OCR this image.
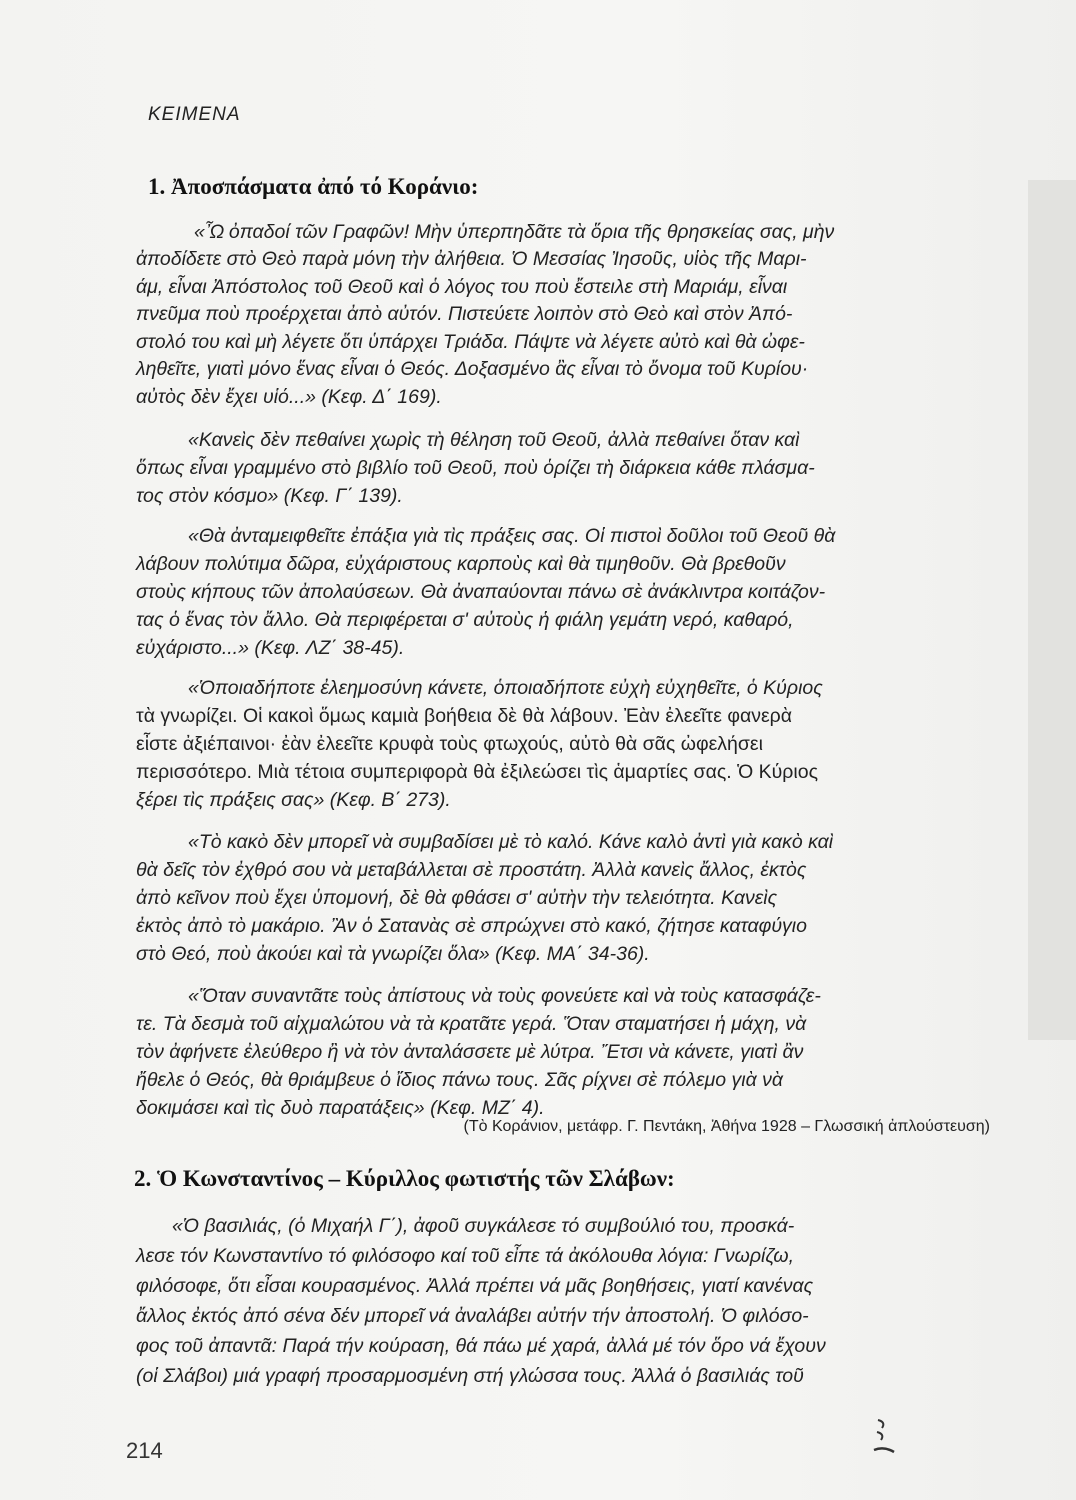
ΚΕΙΜΕΝΑ
1. Ἀποσπάσματα ἀπό τό Κοράνιο:
«Ὦ ὀπαδοί τῶν Γραφῶν! Μὴν ὑπερπηδᾶτε τὰ ὅρια τῆς θρησκείας σας, μὴν
ἀποδίδετε στὸ Θεὸ παρὰ μόνη τὴν ἀλήθεια. Ὁ Μεσσίας Ἰησοῦς, υἱὸς τῆς Μαρι-
άμ, εἶναι Ἀπόστολος τοῦ Θεοῦ καὶ ὁ λόγος του ποὺ ἔστειλε στὴ Μαριάμ, εἶναι
πνεῦμα ποὺ προέρχεται ἀπὸ αὐτόν. Πιστεύετε λοιπὸν στὸ Θεὸ καὶ στὸν Ἀπό-
στολό του καὶ μὴ λέγετε ὅτι ὑπάρχει Τριάδα. Πάψτε νὰ λέγετε αὐτὸ καὶ θὰ ὠφε-
ληθεῖτε, γιατὶ μόνο ἕνας εἶναι ὁ Θεός. Δοξασμένο ἂς εἶναι τὸ ὄνομα τοῦ Κυρίου·
αὐτὸς δὲν ἔχει υἱό...» (Κεφ. Δ΄ 169).
«Κανεὶς δὲν πεθαίνει χωρὶς τὴ θέληση τοῦ Θεοῦ, ἀλλὰ πεθαίνει ὅταν καὶ
ὅπως εἶναι γραμμένο στὸ βιβλίο τοῦ Θεοῦ, ποὺ ὁρίζει τὴ διάρκεια κάθε πλάσμα-
τος στὸν κόσμο» (Κεφ. Γ΄ 139).
«Θὰ ἀνταμειφθεῖτε ἐπάξια γιὰ τὶς πράξεις σας. Οἱ πιστοὶ δοῦλοι τοῦ Θεοῦ θὰ
λάβουν πολύτιμα δῶρα, εὐχάριστους καρποὺς καὶ θὰ τιμηθοῦν. Θὰ βρεθοῦν
στοὺς κήπους τῶν ἀπολαύσεων. Θὰ ἀναπαύονται πάνω σὲ ἀνάκλιντρα κοιτάζον-
τας ὁ ἕνας τὸν ἄλλο. Θὰ περιφέρεται σ' αὐτοὺς ἡ φιάλη γεμάτη νερό, καθαρό,
εὐχάριστο...» (Κεφ. ΛΖ΄ 38-45).
«Ὁποιαδήποτε ἐλεημοσύνη κάνετε, ὁποιαδήποτε εὐχὴ εὐχηθεῖτε, ὁ Κύριος
τὰ γνωρίζει. Οἱ κακοὶ ὅμως καμιὰ βοήθεια δὲ θὰ λάβουν. Ἐὰν ἐλεεῖτε φανερὰ
εἶστε ἀξιέπαινοι· ἐὰν ἐλεεῖτε κρυφὰ τοὺς φτωχούς, αὐτὸ θὰ σᾶς ὠφελήσει
περισσότερο. Μιὰ τέτοια συμπεριφορὰ θὰ ἐξιλεώσει τὶς ἁμαρτίες σας. Ὁ Κύριος
ξέρει τὶς πράξεις σας» (Κεφ. Β΄ 273).
«Τὸ κακὸ δὲν μπορεῖ νὰ συμβαδίσει μὲ τὸ καλό. Κάνε καλὸ ἀντὶ γιὰ κακὸ καὶ
θὰ δεῖς τὸν ἐχθρό σου νὰ μεταβάλλεται σὲ προστάτη. Ἀλλὰ κανεὶς ἄλλος, ἐκτὸς
ἀπὸ κεῖνον ποὺ ἔχει ὑπομονή, δὲ θὰ φθάσει σ' αὐτὴν τὴν τελειότητα. Κανεὶς
ἐκτὸς ἀπὸ τὸ μακάριο. Ἂν ὁ Σατανὰς σὲ σπρώχνει στὸ κακό, ζήτησε καταφύγιο
στὸ Θεό, ποὺ ἀκούει καὶ τὰ γνωρίζει ὅλα» (Κεφ. ΜΑ΄ 34-36).
«Ὅταν συναντᾶτε τοὺς ἀπίστους νὰ τοὺς φονεύετε καὶ νὰ τοὺς κατασφάζε-
τε. Τὰ δεσμὰ τοῦ αἰχμαλώτου νὰ τὰ κρατᾶτε γερά. Ὅταν σταματήσει ἡ μάχη, νὰ
τὸν ἀφήνετε ἐλεύθερο ἢ νὰ τὸν ἀνταλάσσετε μὲ λύτρα. Ἔτσι νὰ κάνετε, γιατὶ ἂν
ἤθελε ὁ Θεός, θὰ θριάμβευε ὁ ἴδιος πάνω τους. Σᾶς ρίχνει σὲ πόλεμο γιὰ νὰ
δοκιμάσει καὶ τὶς δυὸ παρατάξεις» (Κεφ. ΜΖ΄ 4).
(Τὸ Κοράνιον, μετάφρ. Γ. Πεντάκη, Ἀθήνα 1928 – Γλωσσική ἀπλούστευση)
2. Ὁ Κωνσταντίνος – Κύριλλος φωτιστής τῶν Σλάβων:
«Ὁ βασιλιάς, (ὁ Μιχαήλ Γ΄), ἀφοῦ συγκάλεσε τό συμβούλιό του, προσκά-
λεσε τόν Κωνσταντίνο τό φιλόσοφο καί τοῦ εἶπε τά ἀκόλουθα λόγια: Γνωρίζω,
φιλόσοφε, ὅτι εἶσαι κουρασμένος. Ἀλλά πρέπει νά μᾶς βοηθήσεις, γιατί κανένας
ἄλλος ἐκτός ἀπό σένα δέν μπορεῖ νά ἀναλάβει αὐτήν τήν ἀποστολή. Ὁ φιλόσο-
φος τοῦ ἀπαντᾶ: Παρά τήν κούραση, θά πάω μέ χαρά, ἀλλά μέ τόν ὅρο νά ἔχουν
(οἱ Σλάβοι) μιά γραφή προσαρμοσμένη στή γλώσσα τους. Ἀλλά ὁ βασιλιάς τοῦ
214
